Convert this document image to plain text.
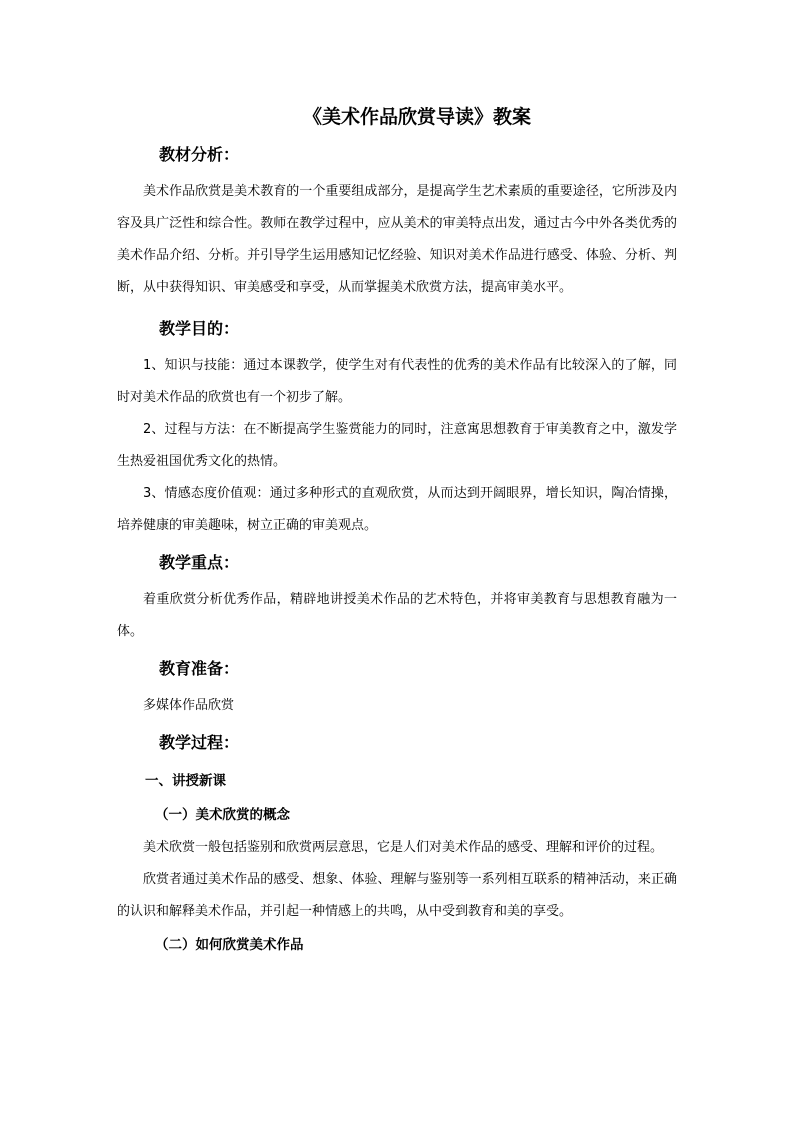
《美术作品欣赏导读》教案
教材分析：

美术作品欣赏是美术教育的一个重要组成部分，是提高学生艺术素质的重要途径，它所涉及内容及具广泛性和综合性。教师在教学过程中，应从美术的审美特点出发，通过古今中外各类优秀的美术作品介绍、分析。并引导学生运用感知记忆经验、知识对美术作品进行感受、体验、分析、判断，从中获得知识、审美感受和享受，从而掌握美术欣赏方法，提高审美水平。

教学目的：

1、知识与技能：通过本课教学，使学生对有代表性的优秀的美术作品有比较深入的了解，同时对美术作品的欣赏也有一个初步了解。

2、过程与方法：在不断提高学生鉴赏能力的同时，注意寓思想教育于审美教育之中，激发学生热爱祖国优秀文化的热情。

3、情感态度价值观：通过多种形式的直观欣赏，从而达到开阔眼界，增长知识，陶冶情操，培养健康的审美趣味，树立正确的审美观点。

教学重点：

着重欣赏分析优秀作品，精辟地讲授美术作品的艺术特色，并将审美教育与思想教育融为一体。

教育准备：

多媒体作品欣赏

教学过程：
一、讲授新课
（一）美术欣赏的概念

美术欣赏一般包括鉴别和欣赏两层意思，它是人们对美术作品的感受、理解和评价的过程。

欣赏者通过美术作品的感受、想象、体验、理解与鉴别等一系列相互联系的精神活动，来正确的认识和解释美术作品，并引起一种情感上的共鸣，从中受到教育和美的享受。

（二）如何欣赏美术作品
